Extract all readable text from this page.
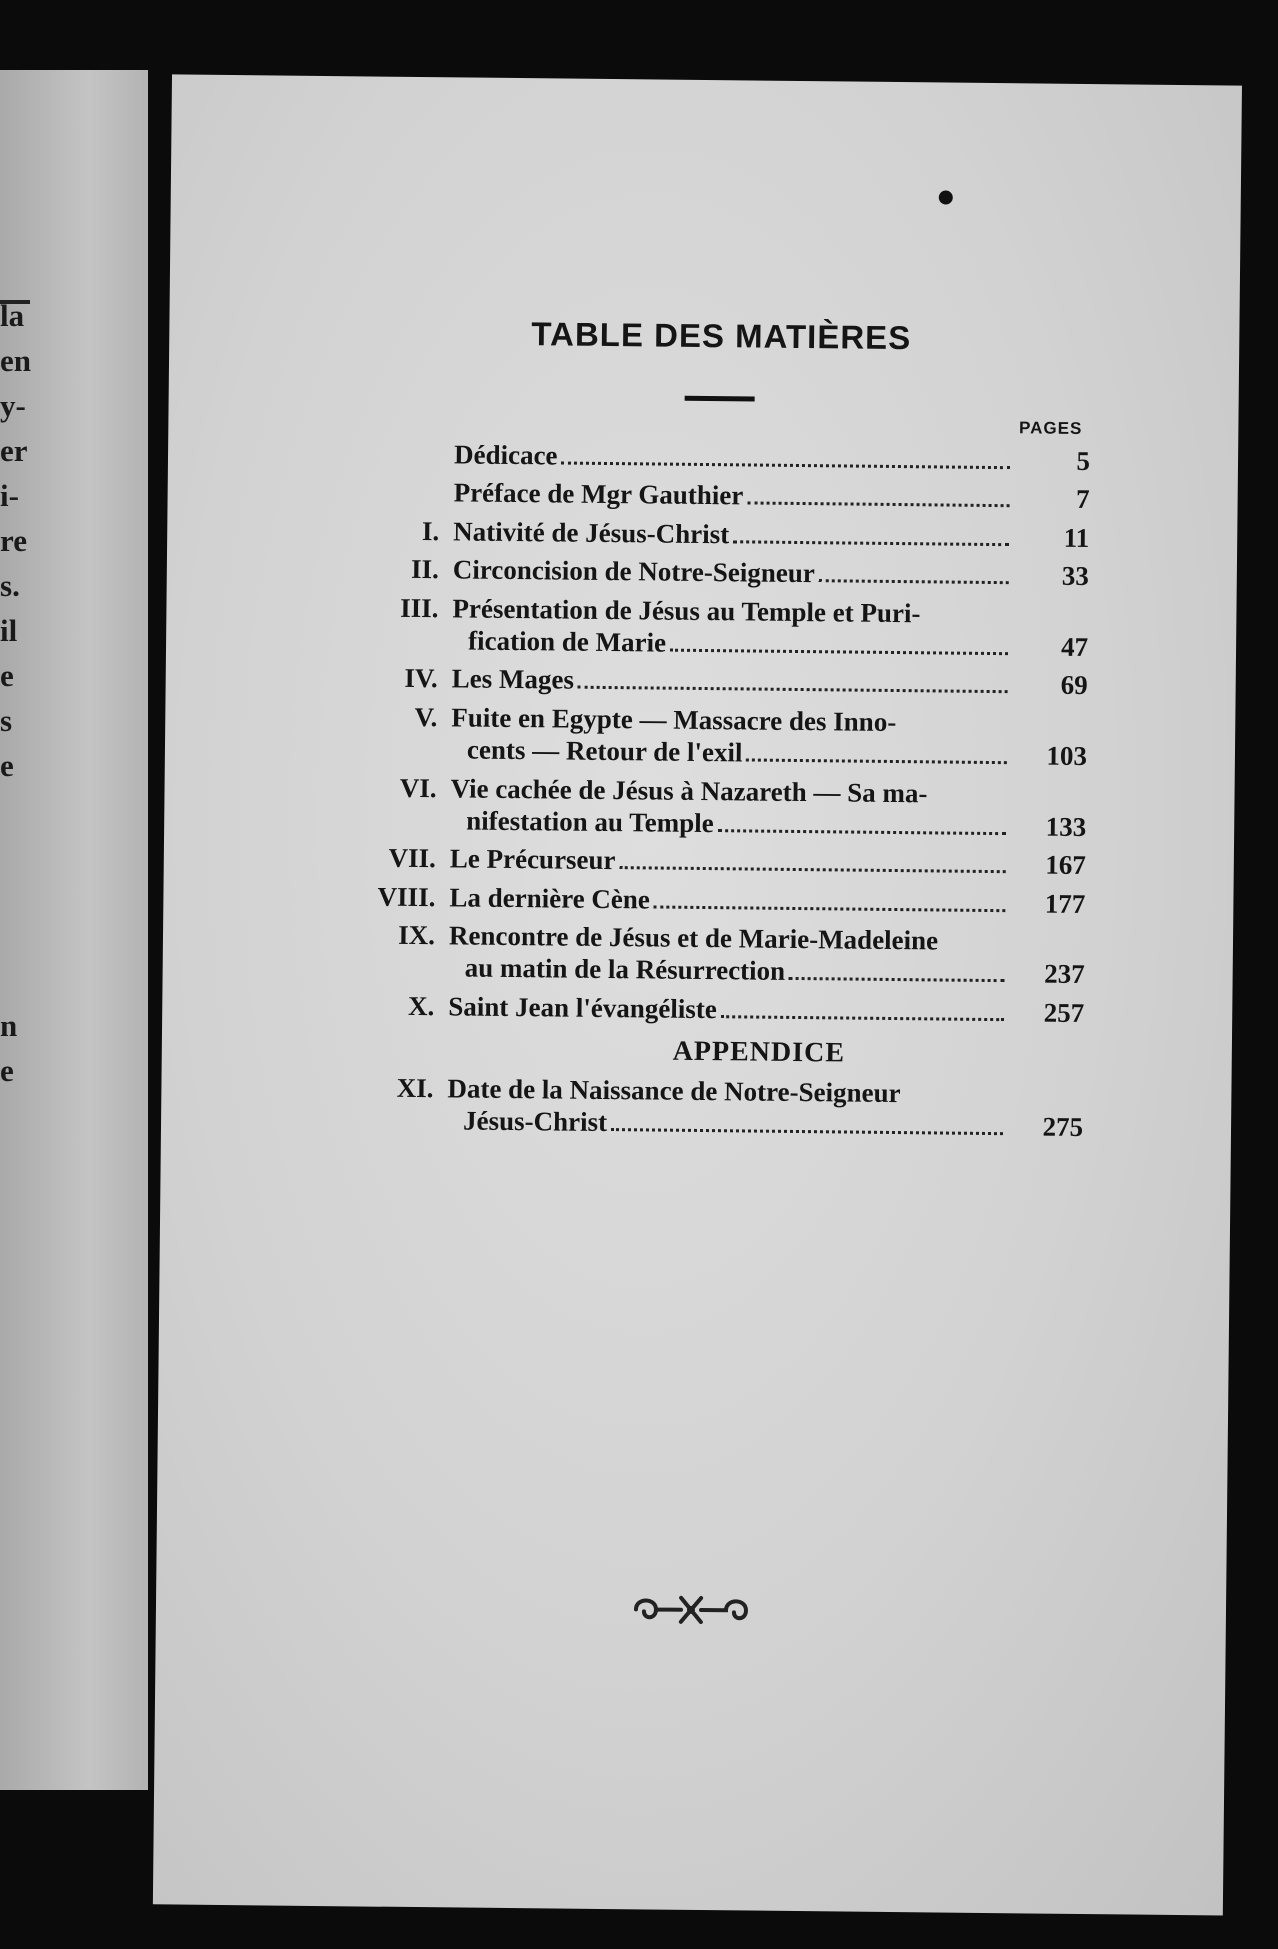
la
en
y-
er
i-
re
s.
il
e
s
e
n
e
TABLE DES MATIÈRES
PAGES
Dédicace	5
Préface de Mgr Gauthier	7
I. Nativité de Jésus-Christ	11
II. Circoncision de Notre-Seigneur	33
III. Présentation de Jésus au Temple et Puri-
fication de Marie	47
IV. Les Mages	69
V. Fuite en Egypte — Massacre des Inno-
cents — Retour de l'exil	103
VI. Vie cachée de Jésus à Nazareth — Sa ma-
nifestation au Temple	133
VII. Le Précurseur	167
VIII. La dernière Cène	177
IX. Rencontre de Jésus et de Marie-Madeleine
au matin de la Résurrection	237
X. Saint Jean l'évangéliste	257
APPENDICE
XI. Date de la Naissance de Notre-Seigneur
Jésus-Christ	275
